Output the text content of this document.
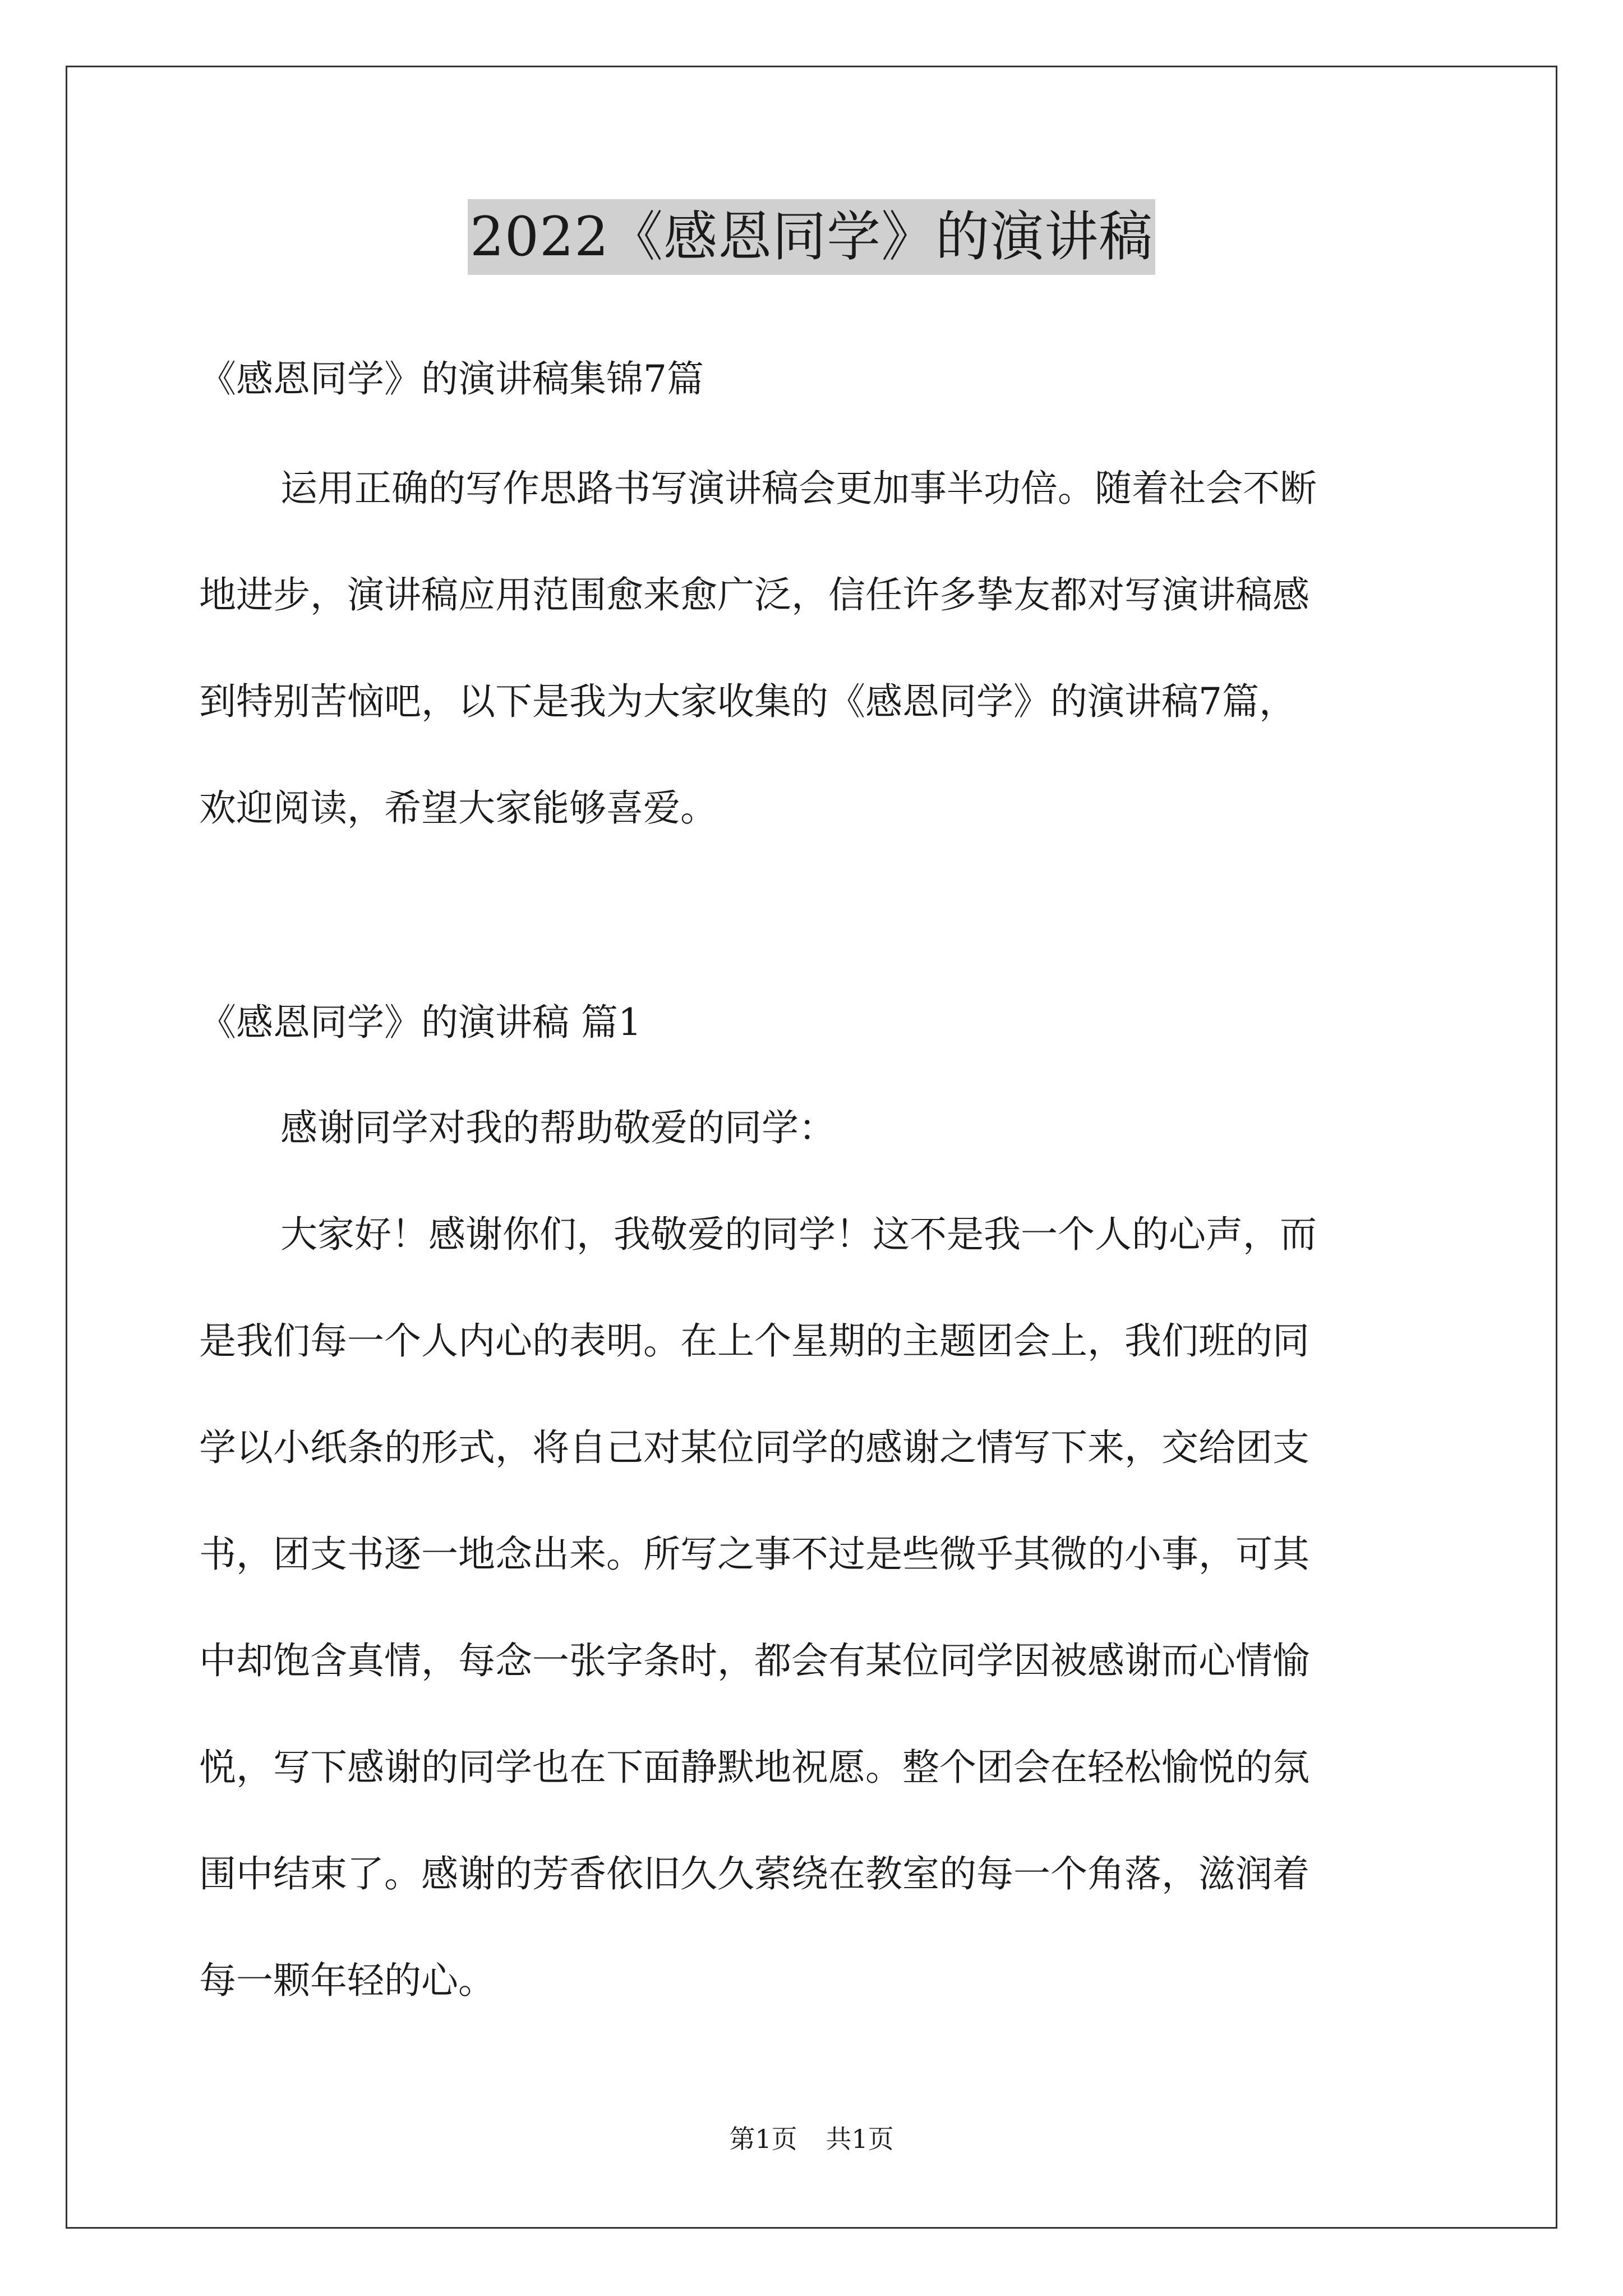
2022《感恩同学》的演讲稿
《感恩同学》的演讲稿集锦7篇
运用正确的写作思路书写演讲稿会更加事半功倍。随着社会不断
地进步，演讲稿应用范围愈来愈广泛，信任许多挚友都对写演讲稿感
到特别苦恼吧，以下是我为大家收集的《感恩同学》的演讲稿7篇，
欢迎阅读，希望大家能够喜爱。
《感恩同学》的演讲稿 篇1
感谢同学对我的帮助敬爱的同学：
大家好！感谢你们，我敬爱的同学！这不是我一个人的心声，而
是我们每一个人内心的表明。在上个星期的主题团会上，我们班的同
学以小纸条的形式，将自己对某位同学的感谢之情写下来，交给团支
书，团支书逐一地念出来。所写之事不过是些微乎其微的小事，可其
中却饱含真情，每念一张字条时，都会有某位同学因被感谢而心情愉
悦，写下感谢的同学也在下面静默地祝愿。整个团会在轻松愉悦的氛
围中结束了。感谢的芳香依旧久久萦绕在教室的每一个角落，滋润着
每一颗年轻的心。
第1页 共1页
